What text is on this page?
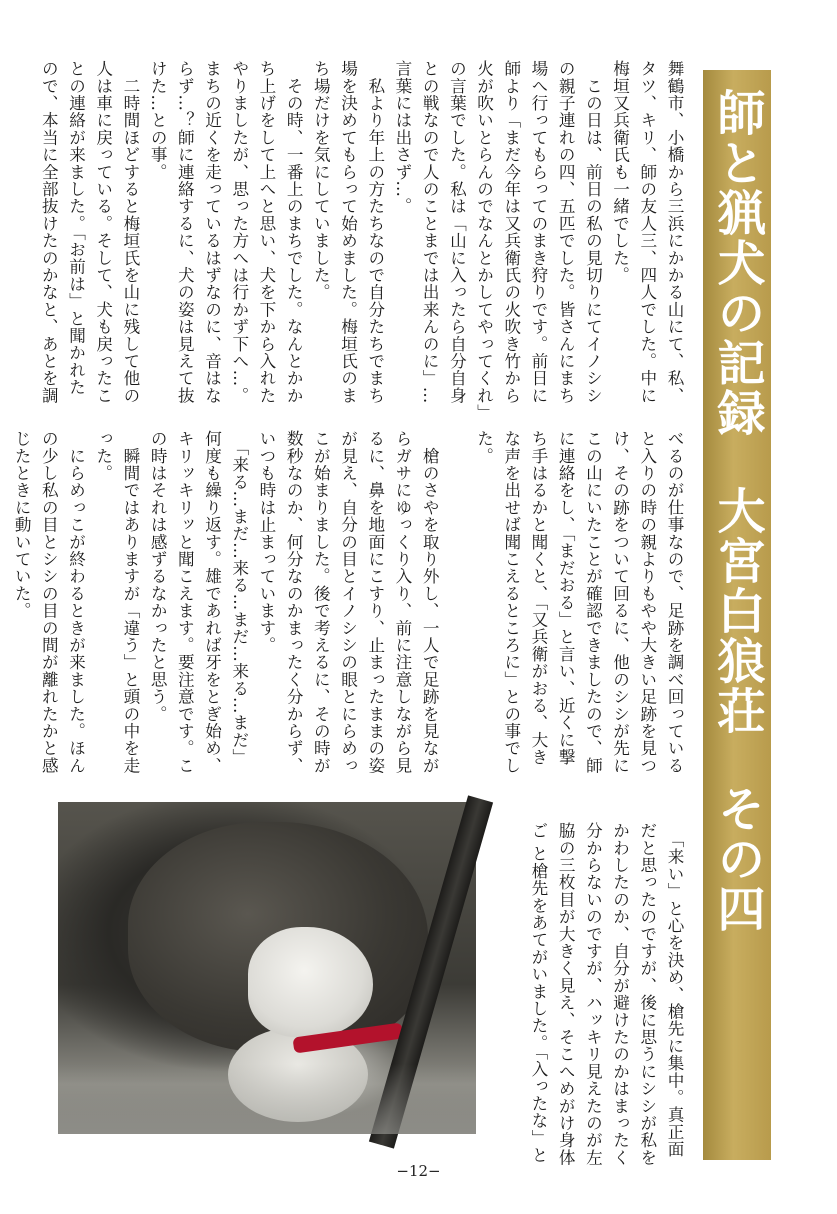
師と猟犬の記録
大宮白狼荘
その四
舞鶴市、小橋から三浜にかかる山にて、私、
タツ、キリ、師の友人三、四人でした。中に
梅垣又兵衛氏も一緒でした。
　この日は、前日の私の見切りにてイノシシ
の親子連れの四、五匹でした。皆さんにまち
場へ行ってもらってのまき狩りです。前日に
師より「まだ今年は又兵衛氏の火吹き竹から
火が吹いとらんのでなんとかしてやってくれ」
の言葉でした。私は「山に入ったら自分自身
との戦なので人のことまでは出来んのに」…
言葉には出さず…。
　私より年上の方たちなので自分たちでまち
場を決めてもらって始めました。梅垣氏のま
ち場だけを気にしていました。
　その時、一番上のまちでした。なんとかか
ち上げをして上へと思い、犬を下から入れた
やりましたが、思った方へは行かず下へ…。
まちの近くを走っているはずなのに、音はな
らず…？師に連絡するに、犬の姿は見えて抜
けた…との事。
　二時間ほどすると梅垣氏を山に残して他の
人は車に戻っている。そして、犬も戻ったこ
との連絡が来ました。「お前は」と聞かれた
ので、本当に全部抜けたのかなと、あとを調
べるのが仕事なので、足跡を調べ回っている
と入りの時の親よりもやや大きい足跡を見つ
け、その跡をついて回るに、他のシシが先に
この山にいたことが確認できましたので、師
に連絡をし、「まだおる」と言い、近くに撃
ち手はるかと聞くと、「又兵衛がおる、大き
な声を出せば聞こえるところに」との事でし
た。

　槍のさやを取り外し、一人で足跡を見なが
らガサにゆっくり入り、前に注意しながら見
るに、鼻を地面にこすり、止まったままの姿
が見え、自分の目とイノシシの眼とにらめっ
こが始まりました。後で考えるに、その時が
数秒なのか、何分なのかまったく分からず、
いつも時は止まっています。
　「来る…まだ…来る…まだ…来る…まだ」
何度も繰り返す。雄であれば牙をとぎ始め、
キリッキリッと聞こえます。要注意です。こ
の時はそれは感ずるなかったと思う。
　瞬間ではありますが「違う」と頭の中を走
った。
　にらめっこが終わるときが来ました。ほん
の少し私の目とシシの目の間が離れたかと感
じたときに動いていた。
　「来い」と心を決め、槍先に集中。真正面
だと思ったのですが、後に思うにシシが私を
かわしたのか、自分が避けたのかはまったく
分からないのですが、ハッキリ見えたのが左
脇の三枚目が大きく見え、そこへめがけ身体
ご と槍先をあてがいました。「入ったな」と
−12−
